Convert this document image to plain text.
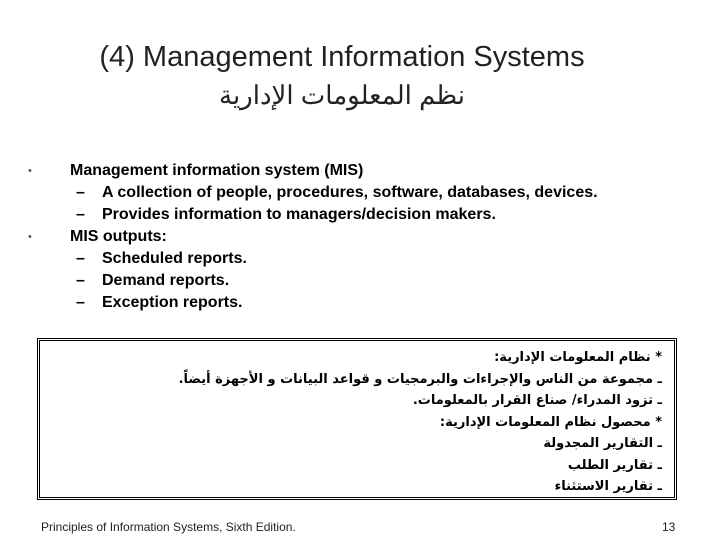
(4) Management Information Systems
نظم المعلومات الإدارية
• Management information system (MIS)
– A collection of people, procedures, software, databases, devices.
– Provides information to managers/decision makers.
• MIS outputs:
– Scheduled reports.
– Demand reports.
– Exception reports.
* نظام المعلومات الإدارية:
ـ مجموعة من الناس والإجراءات والبرمجيات و قواعد البيانات و الأجهزة أيضاً.
ـ تزود المدراء/ صناع القرار بالمعلومات.
* محصول نظام المعلومات الإدارية:
ـ التقارير المجدولة
ـ تقارير الطلب
ـ تقارير الاستثناء
Principles of Information Systems, Sixth Edition.	13
